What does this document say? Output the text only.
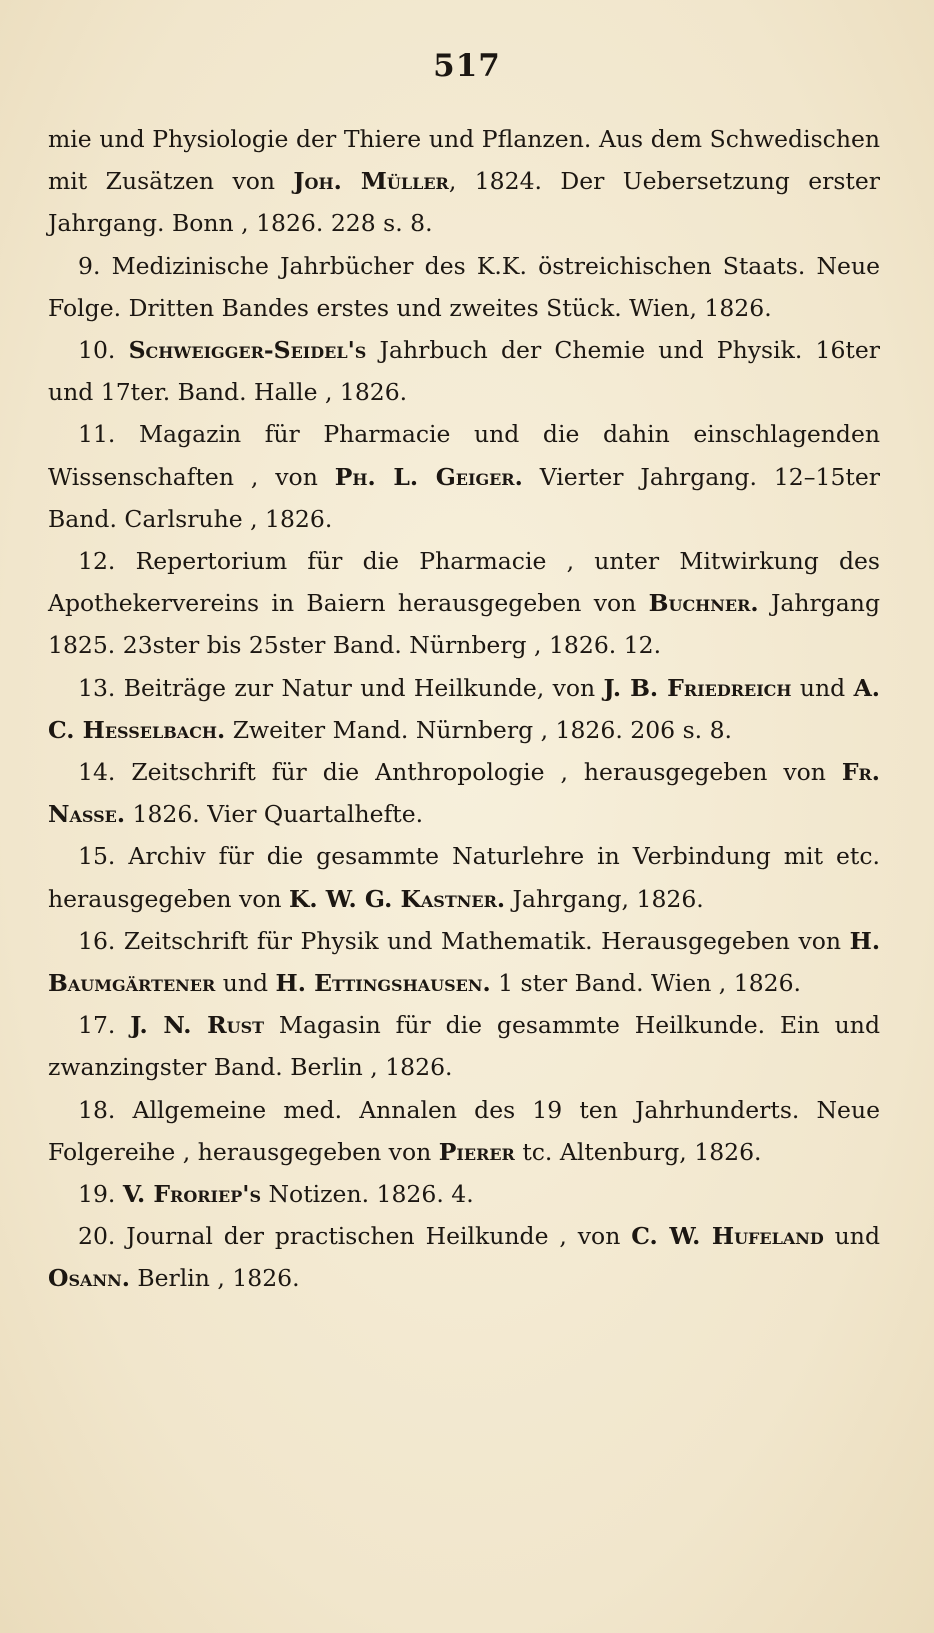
517

mie und Physiologie der Thiere und Pflanzen. Aus dem Schwedischen mit Zusätzen von Joh. Müller, 1824. Der Uebersetzung erster Jahrgang. Bonn , 1826. 228 s. 8.

9. Medizinische Jahrbücher des K.K. östreichischen Staats. Neue Folge. Dritten Bandes erstes und zweites Stück. Wien, 1826.

10. Schweigger-Seidel's Jahrbuch der Chemie und Physik. 16ter und 17ter. Band. Halle , 1826.

11. Magazin für Pharmacie und die dahin einschlagenden Wissenschaften , von Ph. L. Geiger. Vierter Jahrgang. 12–15ter Band. Carlsruhe , 1826.

12. Repertorium für die Pharmacie , unter Mitwirkung des Apothekervereins in Baiern herausgegeben von Buchner. Jahrgang 1825. 23ster bis 25ster Band. Nürnberg , 1826. 12.

13. Beiträge zur Natur und Heilkunde, von J. B. Friedreich und A. C. Hesselbach. Zweiter Mand. Nürnberg , 1826. 206 s. 8.

14. Zeitschrift für die Anthropologie , herausgegeben von Fr. Nasse. 1826. Vier Quartalhefte.

15. Archiv für die gesammte Naturlehre in Verbindung mit etc. herausgegeben von K. W. G. Kastner. Jahrgang, 1826.

16. Zeitschrift für Physik und Mathematik. Herausgegeben von H. Baumgärtener und H. Ettingshausen. 1 ster Band. Wien , 1826.

17. J. N. Rust Magasin für die gesammte Heilkunde. Ein und zwanzingster Band. Berlin , 1826.

18. Allgemeine med. Annalen des 19 ten Jahrhunderts. Neue Folgereihe , herausgegeben von Pierer tc. Altenburg, 1826.

19. V. Froriep's Notizen. 1826. 4.

20. Journal der practischen Heilkunde , von C. W. Hufeland und Osann. Berlin , 1826.
